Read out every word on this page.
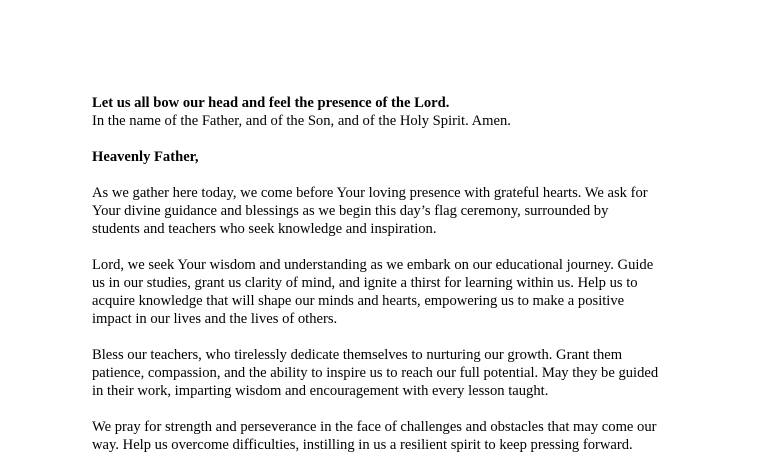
Let us all bow our head and feel the presence of the Lord.
In the name of the Father, and of the Son, and of the Holy Spirit. Amen.
Heavenly Father,
As we gather here today, we come before Your loving presence with grateful hearts. We ask for
Your divine guidance and blessings as we begin this day’s flag ceremony, surrounded by
students and teachers who seek knowledge and inspiration.
Lord, we seek Your wisdom and understanding as we embark on our educational journey. Guide
us in our studies, grant us clarity of mind, and ignite a thirst for learning within us. Help us to
acquire knowledge that will shape our minds and hearts, empowering us to make a positive
impact in our lives and the lives of others.
Bless our teachers, who tirelessly dedicate themselves to nurturing our growth. Grant them
patience, compassion, and the ability to inspire us to reach our full potential. May they be guided
in their work, imparting wisdom and encouragement with every lesson taught.
We pray for strength and perseverance in the face of challenges and obstacles that may come our
way. Help us overcome difficulties, instilling in us a resilient spirit to keep pressing forward.
